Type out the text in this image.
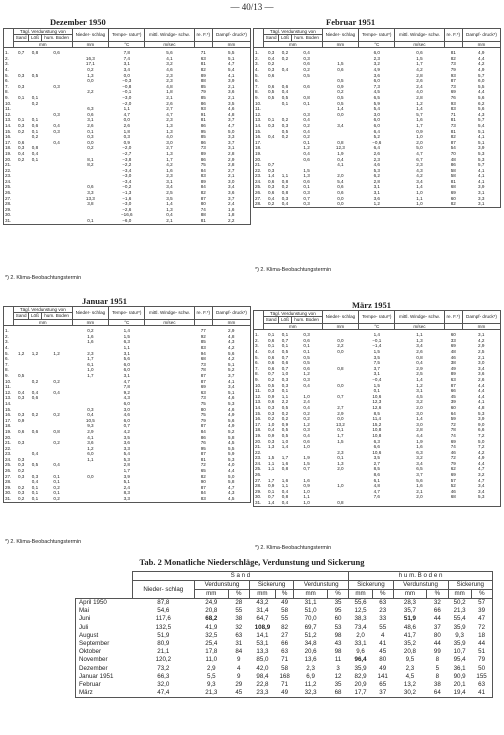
— 40/13 —
Dezember 1950	Februar 1951
Januar 1951	März 1951
	Tägl. Verdunstung von			Nieder- schlag	Tempe- ratur*)	mittl. Windge- schw.	re. F.*)	Dampf- druck*)
	Sand	Löß	hum. Boden					
	mm			mm	°C	m/sec		mm
1.	0,7	0,8	0,6		7,8	5,6	71	5,5
2.				16,3	7,4	4,1	63	5,1
3.				17,1	3,1	3,2	81	4,7
4.				0,2	3,4	4,6	82	5,4
5.	0,3	0,5		1,3	0,0	2,3	89	4,1
6.				0,0	−0,3	2,3	88	3,9
7.	0,3		0,3		−0,8	4,8	85	2,1
8.				2,2	−0,1	1,8	79	3,6
9.	0,1	0,1			−3,0	2,1	85	2,1
10.		0,2			−2,0	2,6	86	3,5
11.				6,3	1,1	2,7	93	4,6
12.			0,3	0,6	4,7	4,7	91	4,8
13.	0,1	0,1		3,1	0,0	2,3	81	3,7
14.	0,3	0,6	0,4	2,6	2,6	1,3	86	4,7
15.	0,2	0,1	0,3	0,1	1,8	1,3	95	5,0
16.		0,2		0,3	0,3	4,0	85	3,3
17.	0,6		0,4	0,0	0,9	3,0	86	3,7
18.	0,3	0,8		0,2	−2,0	2,7	73	3,1
19.	0,4	0,4			−2,7	1,3	89	2,8
20.	0,2	0,1		8,1	−3,8	1,7	86	2,9
21.				8,2	−2,2	4,2	75	2,8
22.					−3,4	1,6	84	2,7
23.					−3,0	2,3	83	2,1
24.					−3,4	3,1	89	3,0
25.				0,6	−0,2	3,4	84	3,4
26.				3,3	−1,3	2,5	82	3,6
27.				13,3	−1,6	3,5	87	3,7
28.				3,8	−3,0	1,4	80	2,4
29.					−2,6	1,3	74	1,6
30.					−16,6	0,4	88	1,8
31.				0,1	−6,0	2,1	81	2,2
	Tägl. Verdunstung von			Nieder- schlag	Tempe- ratur*)	mittl. Windge- schw.	re. F.*)	Dampf- druck*)
	Sand	Löß	hum. Boden					
	mm			mm	°C	m/sec		mm
1.	0,3	0,2	0,4		6,0	0,6	81	4,9
2.	0,4	0,2	0,3		2,3	1,5	82	4,4
3.	0,2		0,6	1,5	3,2	1,7	73	4,2
4.	0,3	0,4	0,2	0,6	4,9	4,2	79	4,9
5.	0,6		0,5		3,6	2,8	93	5,7
6.				0,5	6,0	2,6	87	6,0
7.	0,6	0,6	0,6	0,9	7,3	2,4	73	5,5
8.	0,5	0,4		0,2	4,5	4,0	69	4,4
9.	0,5	0,5	0,8	0,5	6,5	2,8	76	5,6
10.		0,1	0,1	0,5	5,9	1,2	93	6,2
11.				1,4	5,4	1,4	83	5,6
12.			0,3	0,0	3,0	5,7	71	4,3
13.	0,1	0,2	0,4		6,0	1,6	81	5,7
14.	0,3	0,3	0,2	3,4	6,0	1,7	73	5,4
15.		0,5	0,4		6,4	0,9	81	5,1
16.	0,4	0,2	0,2		5,2	1,0	82	4,1
17.			0,1	0,8	−0,6	2,0	87	5,1
18.			1,2	12,3	6,4	5,0	54	3,9
19.			0,4	1,9	2,6	4,7	70	5,3
20.			0,6	0,4	2,3	6,7	48	5,3
21.	0,7			4,1	4,6	2,3	86	5,7
22.	0,3		1,5		5,3	4,3	58	4,1
23.	1,4	1,1	1,3	2,0	6,2	4,2	58	4,1
24.	0,6	0,8	0,6	5,4	2,8	3,4	81	4,1
25.	0,3	0,2	0,1	0,6	3,1	1,4	68	3,9
26.	0,6	0,8	0,3	0,6	3,1	1,0	69	3,1
27.	0,4	0,3	0,7	0,0	3,6	1,1	60	3,3
28.	0,2	0,4	0,3	0,0	1,2	1,0	82	3,1
	Tägl. Verdunstung von			Nieder- schlag	Tempe- ratur*)	mittl. Windge- schw.	re. F.*)	Dampf- druck*)
	Sand	Löß	hum. Boden					
	mm			mm	°C	m/sec		mm
1.				0,2	1,4		77	2,9
2.				1,6	1,5		92	4,8
3.				1,6	6,3		85	4,3
4.					1,1		83	4,2
5.	1,2	1,2	1,2	2,3	3,1		94	5,6
6.				1,7	5,6		68	4,2
7.				6,1	6,0		73	5,1
8.				1,0	6,0		78	5,2
9.	0,5			1,7	3,1		87	3,7
10.		0,2	0,2		4,7		87	4,1
11.					7,8		69	3,4
12.	0,4	0,4	0,4		9,2		63	5,1
13.	0,3	0,6			4,3		73	4,6
14.					6,0		75	5,3
15.				0,3	3,0		80	4,6
16.	0,3	0,2	0,2	0,4	4,6		75	4,9
17.	0,9			10,5	6,0		79	5,6
18.				9,3	0,7		87	4,9
19.	0,6	0,6	0,8	2,9	4,2		84	5,2
20.				4,1	3,5		86	5,8
21.	0,3		0,2	3,6	3,6		76	4,5
22.				1,2	3,3		95	5,5
23.		0,4		6,0	5,4		87	5,9
24.	0,3			1,1	5,3		81	5,3
25.	0,3	0,5	0,4		2,8		72	4,0
26.	0,2				1,7		65	4,4
27.	0,3	0,3	0,1	0,0	3,9		82	5,0
28.		0,4	0,1		5,1		90	5,8
29.	0,2	0,1	0,2		2,4		87	4,7
30.	0,3	0,1	0,1		8,3		84	4,3
31.	0,2	0,1	0,2		3,3		83	4,5
	Tägl. Verdunstung von			Nieder- schlag	Tempe- ratur*)	mittl. Windge- schw.	re. F.*)	Dampf- druck*)
	Sand	Löß	hum. Boden					
	mm			mm	°C	m/sec		mm
1.	0,1	0,1	0,3		1,4	1,1	60	3,1
2.	0,6	0,7	0,6	0,0	−0,1	1,3	33	4,2
3.	0,1	0,1	0,1	2,2	−1,4	3,4	69	2,9
4.	0,4	0,5	0,1	0,0	1,5	2,6	48	2,5
5.	0,6	0,7	0,5		3,5	0,8	46	2,1
6.	0,6	0,6	0,5		7,5	0,4	38	3,0
7.	0,6	0,7	0,6	0,8	3,7	2,9	49	3,4
8.	0,7	1,0	1,2		3,1	2,5	89	3,6
9.	0,2	0,3	0,3		−0,4	1,4	63	2,6
10.	0,5	0,3	0,4	0,0	1,5	1,2	87	4,4
11.	0,3	0,1			0,1	3,1	66	4,4
12.	0,9	1,1	1,0	0,7	10,6	4,5	45	4,4
13.	0,6	2,2	2,4		12,3	3,2	39	4,1
14.	0,3	0,5	0,4	2,7	12,6	2,0	60	4,8
15.	0,3	0,2	0,2	2,9	8,5	3,0	64	5,3
16.	0,2	0,2	0,2	0,0	11,4	1,4	59	3,9
17.	1,0	0,9	1,2	13,2	15,2	3,0	72	9,0
18.	0,4	0,5	0,3	0,1	10,8	2,8	78	6,6
19.	0,9	0,5	0,4	1,7	10,8	4,4	74	7,2
20.	0,3	1,0	0,6	1,5	6,3	1,9	69	5,0
21.	1,3	1,4	1,0		6,6	1,6	74	7,2
22.				2,3	10,6	6,3	46	4,2
23.	1,5	1,7	1,9	0,1	3,5	3,2	72	4,9
24.	1,1	1,6	1,5	1,3	2,7	3,4	79	4,4
25.	1,1	0,8	0,7	2,0	8,5	6,5	62	4,7
26.					8,6	3,7	69	3,2
27.	1,7	1,6	1,6		6,1	5,6	57	4,7
28.	0,9	1,1	0,9	1,0	4,8	1,6	52	3,4
29.	0,1	0,4	1,0		4,7	2,1	46	3,4
30.	0,7	0,8	1,1		7,6	2,0	68	5,3
31.	1,4	0,4	1,0	0,8				
*) 2. Klima-Beobachtungstermin
*) 2. Klima-Beobachtungstermin
*) 2. Klima-Beobachtungstermin
*) 2. Klima-Beobachtungstermin
Tab. 2 Monatliche Niederschläge, Verdunstung und Sickerung
	S a n d							h u m. B o d e n					
	Nieder- schlag	Verdunstung		Sickerung		Verdunstung		Sickerung		Verdunstung		Sickerung	
		mm	%	mm	%	mm	%	mm	%	mm	%	mm	%
April 1950	87,8	24,9	28	43,2	49	31,1	35	55,6	63	28,3	32	50,2	57
Mai	54,6	20,8	55	31,4	58	51,0	95	12,5	23	35,7	66	21,3	39
Juni	117,6	68,2	38	64,7	55	70,0	60	38,3	33	51,9	44	55,4	47
Juli	132,5	41,9	32	108,9	82	69,7	53	73,4	55	48,6	37	35,9	72
August	51,9	32,5	63	14,1	27	51,2	98	2,0	4	41,7	80	9,3	18
September	80,9	25,4	31	53,1	66	34,8	43	33,1	41	35,2	44	35,9	44
Oktober	21,1	17,8	84	13,3	63	20,6	98	9,6	45	20,8	99	10,7	51
November	120,2	11,0	9	85,0	71	13,6	11	96,4	80	9,5	8	95,4	79
Dezember	73,2	2,9	4	42,0	58	2,3	3	35,9	49	2,3	5	36,1	50
Januar 1951	66,3	5,5	9	98,4	168	6,9	12	82,9	141	4,5	8	90,9	155
Februar	32,0	9,3	29	22,8	71	11,2	35	20,9	65	13,2	38	20,1	63
März	47,4	21,3	45	23,3	49	32,3	68	17,7	37	30,2	64	19,4	41
